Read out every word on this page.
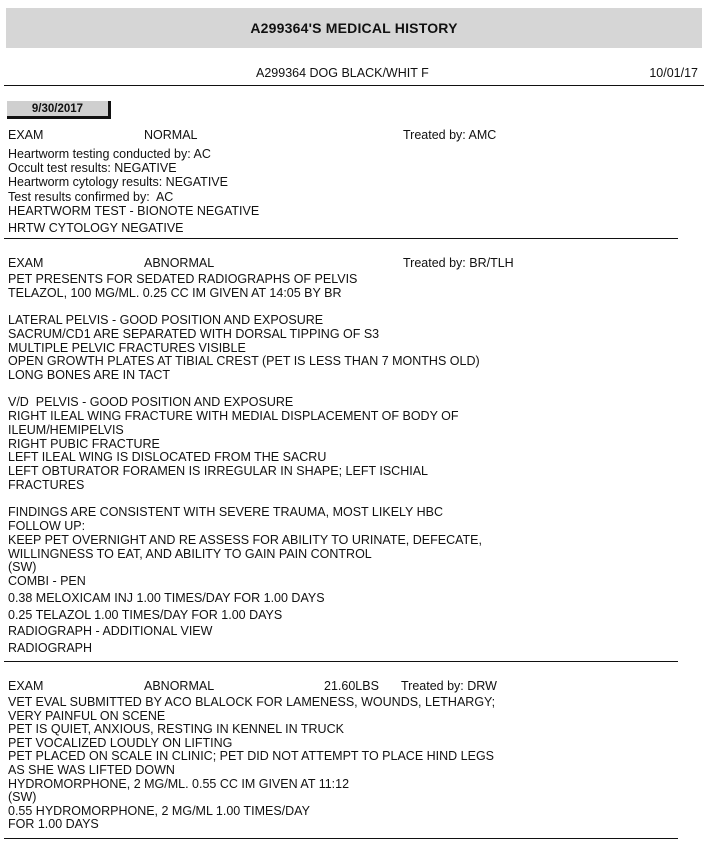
A299364'S MEDICAL HISTORY
A299364 DOG BLACK/WHIT F	10/01/17
9/30/2017
EXAM	NORMAL	Treated by: AMC
Heartworm testing conducted by: AC
Occult test results: NEGATIVE
Heartworm cytology results: NEGATIVE
Test results confirmed by:  AC
HEARTWORM TEST - BIONOTE NEGATIVE
HRTW CYTOLOGY NEGATIVE
EXAM	ABNORMAL	Treated by: BR/TLH
PET PRESENTS FOR SEDATED RADIOGRAPHS OF PELVIS
TELAZOL, 100 MG/ML. 0.25 CC IM GIVEN AT 14:05 BY BR
LATERAL PELVIS - GOOD POSITION AND EXPOSURE
SACRUM/CD1 ARE SEPARATED WITH DORSAL TIPPING OF S3
MULTIPLE PELVIC FRACTURES VISIBLE
OPEN GROWTH PLATES AT TIBIAL CREST (PET IS LESS THAN 7 MONTHS OLD)
LONG BONES ARE IN TACT
V/D  PELVIS - GOOD POSITION AND EXPOSURE
RIGHT ILEAL WING FRACTURE WITH MEDIAL DISPLACEMENT OF BODY OF
ILEUM/HEMIPELVIS
RIGHT PUBIC FRACTURE
LEFT ILEAL WING IS DISLOCATED FROM THE SACRU
LEFT OBTURATOR FORAMEN IS IRREGULAR IN SHAPE; LEFT ISCHIAL
FRACTURES
FINDINGS ARE CONSISTENT WITH SEVERE TRAUMA, MOST LIKELY HBC
FOLLOW UP:
KEEP PET OVERNIGHT AND RE ASSESS FOR ABILITY TO URINATE, DEFECATE,
WILLINGNESS TO EAT, AND ABILITY TO GAIN PAIN CONTROL
(SW)
COMBI - PEN
0.38 MELOXICAM INJ 1.00 TIMES/DAY FOR 1.00 DAYS
0.25 TELAZOL 1.00 TIMES/DAY FOR 1.00 DAYS
RADIOGRAPH - ADDITIONAL VIEW
RADIOGRAPH
EXAM	ABNORMAL	21.60LBS Treated by: DRW
VET EVAL SUBMITTED BY ACO BLALOCK FOR LAMENESS, WOUNDS, LETHARGY;
VERY PAINFUL ON SCENE
PET IS QUIET, ANXIOUS, RESTING IN KENNEL IN TRUCK
PET VOCALIZED LOUDLY ON LIFTING
PET PLACED ON SCALE IN CLINIC; PET DID NOT ATTEMPT TO PLACE HIND LEGS
AS SHE WAS LIFTED DOWN
HYDROMORPHONE, 2 MG/ML. 0.55 CC IM GIVEN AT 11:12
(SW)
0.55 HYDROMORPHONE, 2 MG/ML 1.00 TIMES/DAY
FOR 1.00 DAYS
